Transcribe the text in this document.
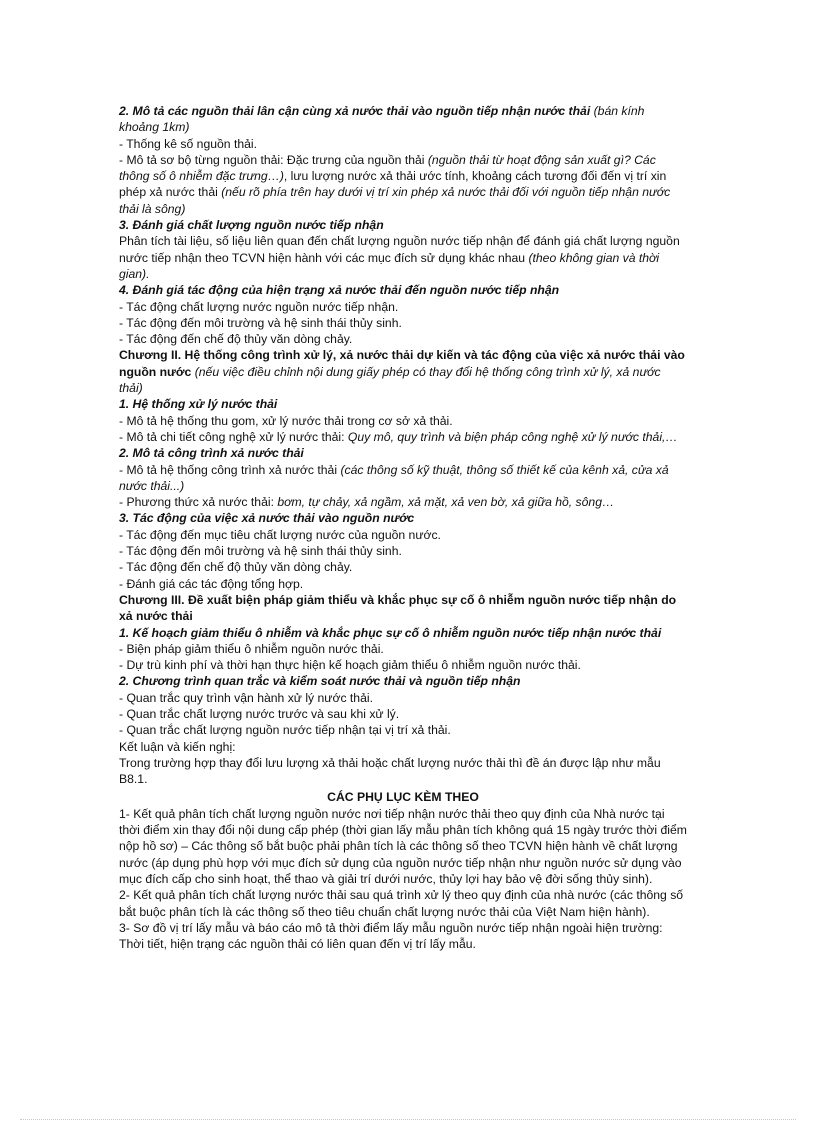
2. Mô tả các nguồn thải lân cận cùng xả nước thải vào nguồn tiếp nhận nước thải (bán kính khoảng 1km)

- Thống kê số nguồn thải.

- Mô tả sơ bộ từng nguồn thải: Đặc trưng của nguồn thải (nguồn thải từ hoạt động sản xuất gì? Các thông số ô nhiễm đặc trưng…), lưu lượng nước xả thải ước tính, khoảng cách tương đối đến vị trí xin phép xả nước thải (nếu rõ phía trên hay dưới vị trí xin phép xả nước thải đối với nguồn tiếp nhận nước thải là sông)

3. Đánh giá chất lượng nguồn nước tiếp nhận

Phân tích tài liệu, số liệu liên quan đến chất lượng nguồn nước tiếp nhận để đánh giá chất lượng nguồn nước tiếp nhận theo TCVN hiện hành với các mục đích sử dụng khác nhau (theo không gian và thời gian).

4. Đánh giá tác động của hiện trạng xả nước thải đến nguồn nước tiếp nhận

- Tác động chất lượng nước nguồn nước tiếp nhận.

- Tác động đến môi trường và hệ sinh thái thủy sinh.

- Tác động đến chế độ thủy văn dòng chảy.

Chương II. Hệ thống công trình xử lý, xả nước thải dự kiến và tác động của việc xả nước thải vào nguồn nước (nếu việc điều chỉnh nội dung giấy phép có thay đổi hệ thống công trình xử lý, xả nước thải)

1. Hệ thống xử lý nước thải

- Mô tả hệ thống thu gom, xử lý nước thải trong cơ sở xả thải.

- Mô tả chi tiết công nghệ xử lý nước thải: Quy mô, quy trình và biện pháp công nghệ xử lý nước thải,…

2. Mô tả công trình xả nước thải

- Mô tả hệ thống công trình xả nước thải (các thông số kỹ thuật, thông số thiết kế của kênh xả, cửa xả nước thải...)

- Phương thức xả nước thải: bơm, tự chảy, xả ngầm, xả mặt, xả ven bờ, xả giữa hồ, sông…

3. Tác động của việc xả nước thải vào nguồn nước

- Tác động đến mục tiêu chất lượng nước của nguồn nước.

- Tác động đến môi trường và hệ sinh thái thủy sinh.

- Tác động đến chế độ thủy văn dòng chảy.

- Đánh giá các tác động tổng hợp.

Chương III. Đề xuất biện pháp giảm thiểu và khắc phục sự cố ô nhiễm nguồn nước tiếp nhận do xả nước thải

1. Kế hoạch giảm thiểu ô nhiễm và khắc phục sự cố ô nhiễm nguồn nước tiếp nhận nước thải

- Biện pháp giảm thiểu ô nhiễm nguồn nước thải.

- Dự trù kinh phí và thời hạn thực hiện kế hoạch giảm thiểu ô nhiễm nguồn nước thải.

2. Chương trình quan trắc và kiểm soát nước thải và nguồn tiếp nhận

- Quan trắc quy trình vận hành xử lý nước thải.

- Quan trắc chất lượng nước trước và sau khi xử lý.

- Quan trắc chất lượng nguồn nước tiếp nhận tại vị trí xả thải.

Kết luận và kiến nghị:

Trong trường hợp thay đổi lưu lượng xả thải hoặc chất lượng nước thải thì đề án được lập như mẫu B8.1.

CÁC PHỤ LỤC KÈM THEO

1- Kết quả phân tích chất lượng nguồn nước nơi tiếp nhận nước thải theo quy định của Nhà nước tại thời điểm xin thay đổi nội dung cấp phép (thời gian lấy mẫu phân tích không quá 15 ngày trước thời điểm nộp hồ sơ) – Các thông số bắt buộc phải phân tích là các thông số theo TCVN hiện hành về chất lượng nước (áp dụng phù hợp với mục đích sử dụng của nguồn nước tiếp nhận như nguồn nước sử dụng vào mục đích cấp cho sinh hoạt, thể thao và giải trí dưới nước, thủy lợi hay bảo vệ đời sống thủy sinh).

2- Kết quả phân tích chất lượng nước thải sau quá trình xử lý theo quy định của nhà nước (các thông số bắt buộc phân tích là các thông số theo tiêu chuẩn chất lượng nước thải của Việt Nam hiện hành).

3- Sơ đồ vị trí lấy mẫu và báo cáo mô tả thời điểm lấy mẫu nguồn nước tiếp nhận ngoài hiện trường: Thời tiết, hiện trạng các nguồn thải có liên quan đến vị trí lấy mẫu.
